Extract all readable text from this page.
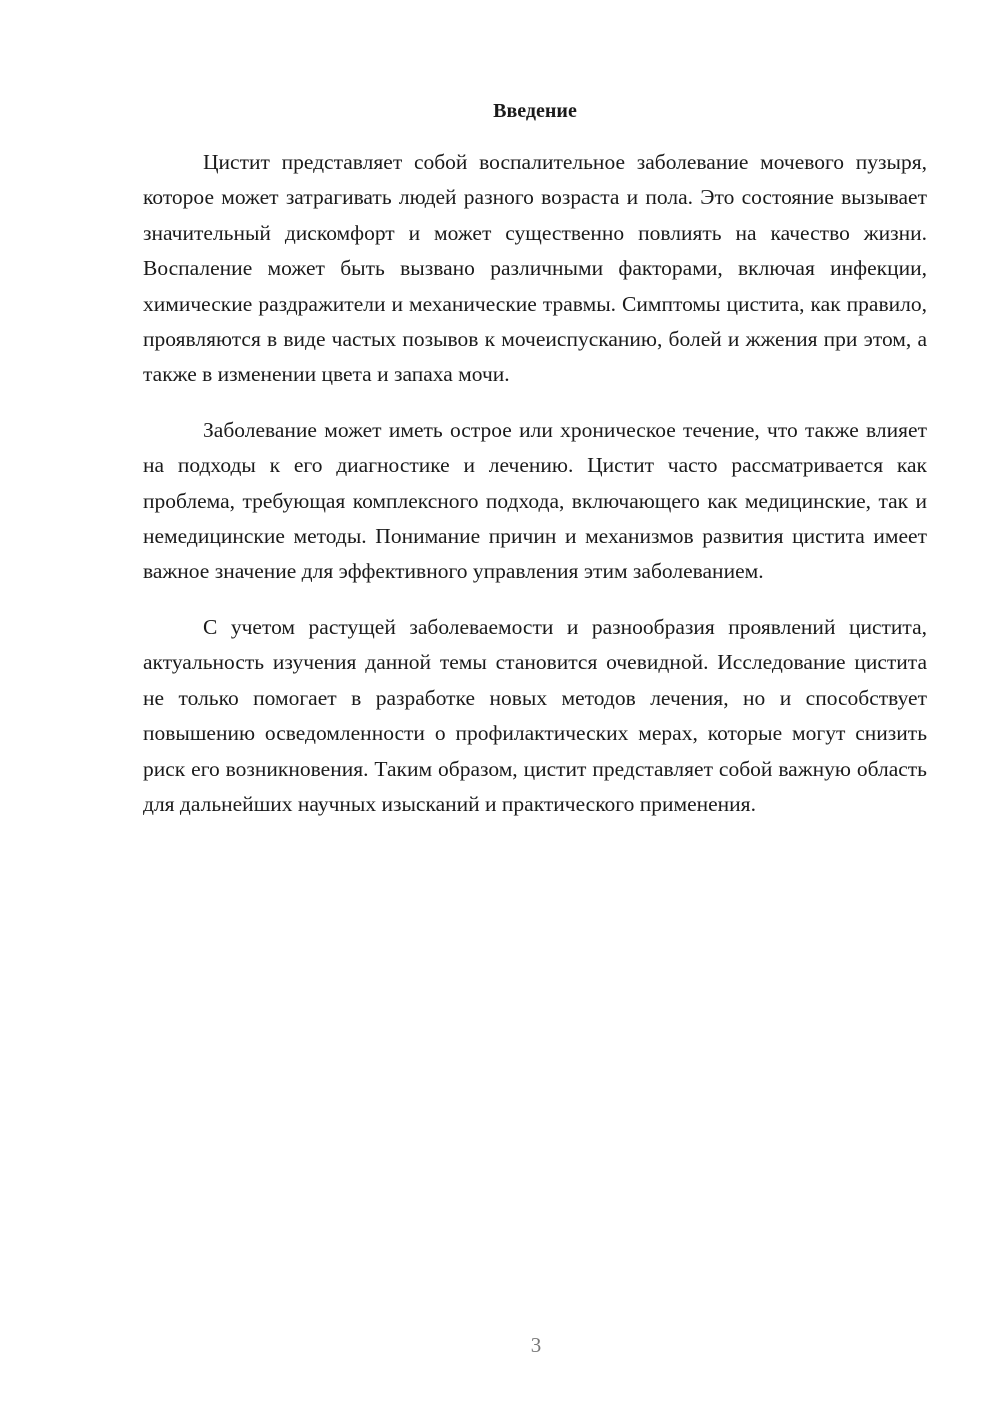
Введение

Цистит представляет собой воспалительное заболевание мочевого пузыря, которое может затрагивать людей разного возраста и пола. Это состояние вызывает значительный дискомфорт и может существенно повлиять на качество жизни. Воспаление может быть вызвано различными факторами, включая инфекции, химические раздражители и механические травмы. Симптомы цистита, как правило, проявляются в виде частых позывов к мочеиспусканию, болей и жжения при этом, а также в изменении цвета и запаха мочи.

Заболевание может иметь острое или хроническое течение, что также влияет на подходы к его диагностике и лечению. Цистит часто рассматривается как проблема, требующая комплексного подхода, включающего как медицинские, так и немедицинские методы. Понимание причин и механизмов развития цистита имеет важное значение для эффективного управления этим заболеванием.

С учетом растущей заболеваемости и разнообразия проявлений цистита, актуальность изучения данной темы становится очевидной. Исследование цистита не только помогает в разработке новых методов лечения, но и способствует повышению осведомленности о профилактических мерах, которые могут снизить риск его возникновения. Таким образом, цистит представляет собой важную область для дальнейших научных изысканий и практического применения.

3
